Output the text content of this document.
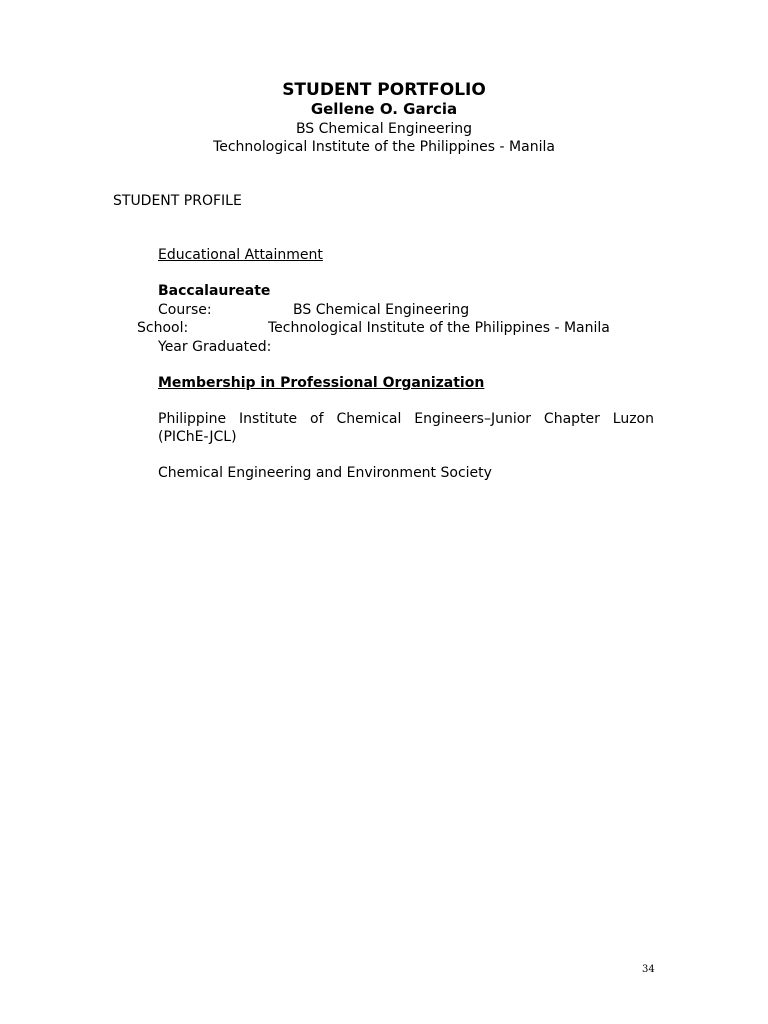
STUDENT PORTFOLIO
Gellene O. Garcia
BS Chemical Engineering
Technological Institute of the Philippines - Manila
STUDENT PROFILE
Educational Attainment
Baccalaureate
Course:	BS Chemical Engineering
School:	Technological Institute of the Philippines - Manila
Year Graduated:
Membership in Professional Organization
Philippine Institute of Chemical Engineers–Junior Chapter Luzon
(PIChE-JCL)
Chemical Engineering and Environment Society
34
